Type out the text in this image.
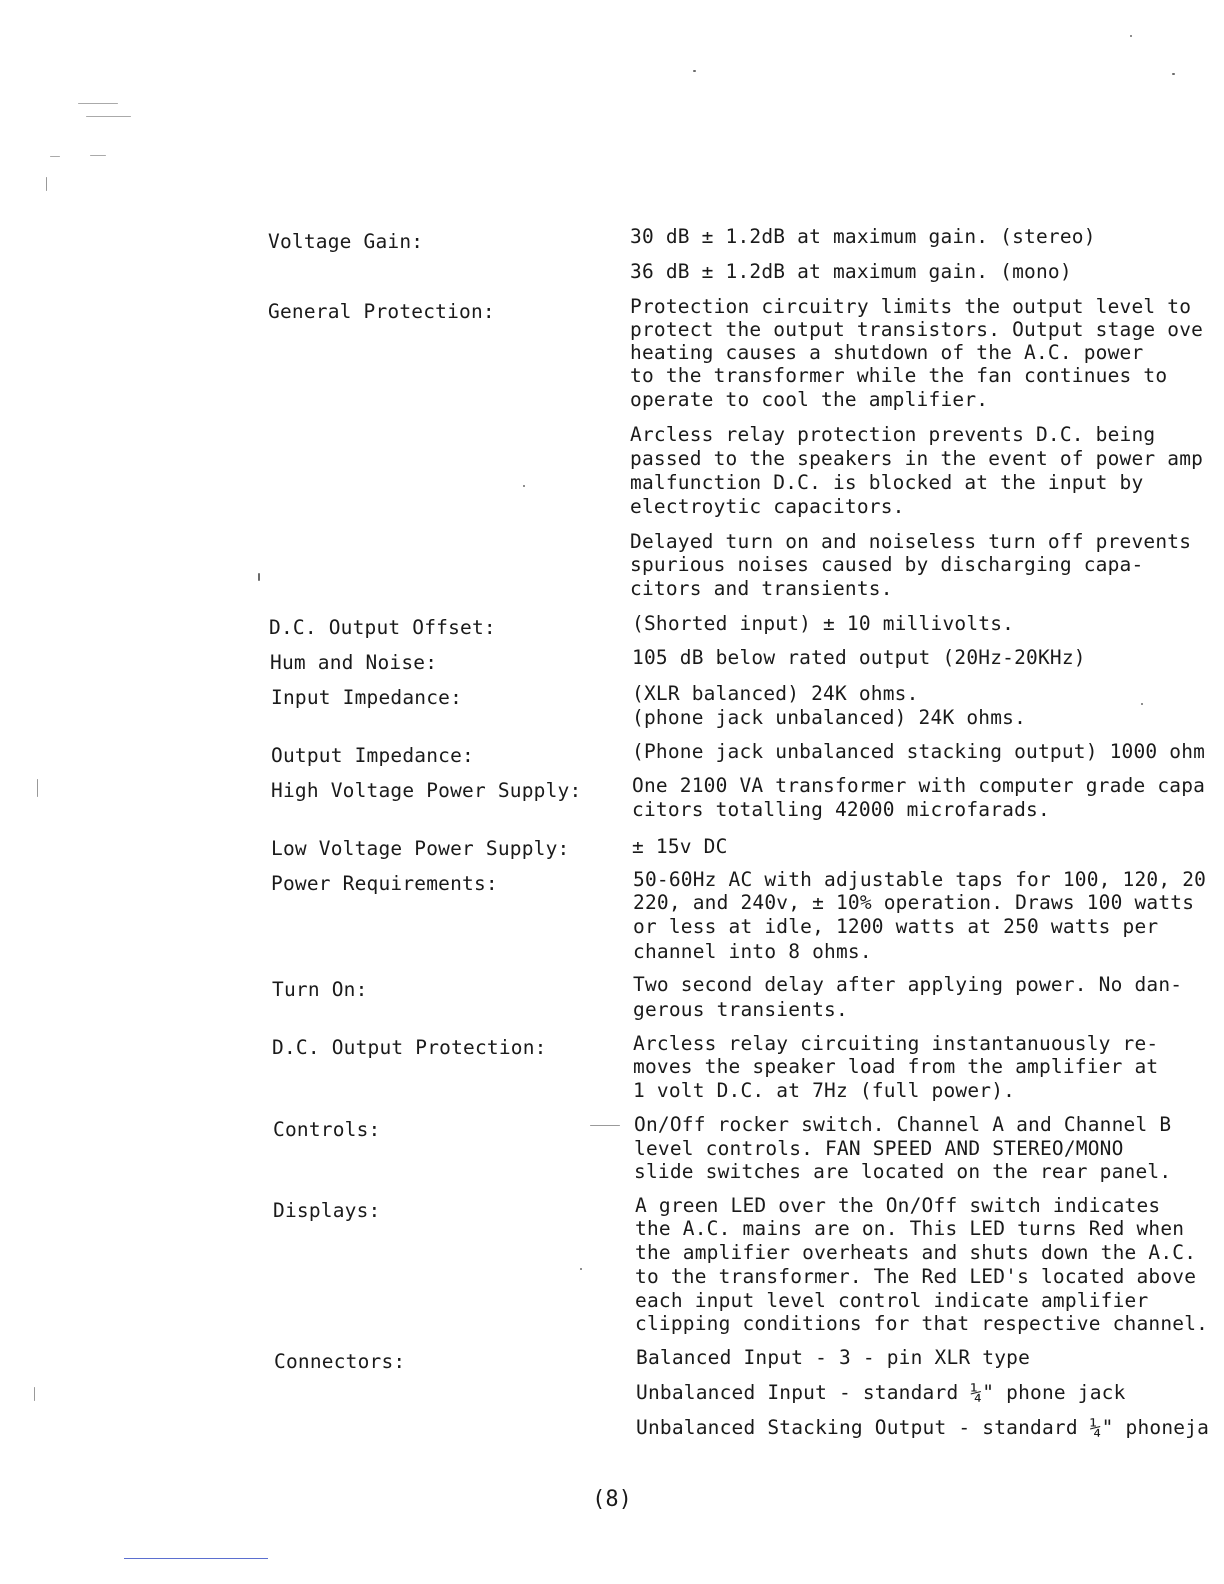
Voltage Gain:
General Protection:
D.C. Output Offset:
Hum and Noise:
Input Impedance:
Output Impedance:
High Voltage Power Supply:
Low Voltage Power Supply:
Power Requirements:
Turn On:
D.C. Output Protection:
Controls:
Displays:
Connectors:
30 dB ± 1.2dB at maximum gain. (stereo)
36 dB ± 1.2dB at maximum gain. (mono)
Protection circuitry limits the output level to
protect the output transistors. Output stage ove
heating causes a shutdown of the A.C. power
to the transformer while the fan continues to
operate to cool the amplifier.
Arcless relay protection prevents D.C. being
passed to the speakers in the event of power amp
malfunction D.C. is blocked at the input by
electroytic capacitors.
Delayed turn on and noiseless turn off prevents
spurious noises caused by discharging capa-
citors and transients.
(Shorted input) ± 10 millivolts.
105 dB below rated output (20Hz-20KHz)
(XLR balanced) 24K ohms.
(phone jack unbalanced) 24K ohms.
(Phone jack unbalanced stacking output) 1000 ohm
One 2100 VA transformer with computer grade capa
citors totalling 42000 microfarads.
± 15v DC
50-60Hz AC with adjustable taps for 100, 120, 20
220, and 240v, ± 10% operation. Draws 100 watts
or less at idle, 1200 watts at 250 watts per
channel into 8 ohms.
Two second delay after applying power. No dan-
gerous transients.
Arcless relay circuiting instantanuously re-
moves the speaker load from the amplifier at
1 volt D.C. at 7Hz (full power).
On/Off rocker switch. Channel A and Channel B
level controls. FAN SPEED AND STEREO/MONO
slide switches are located on the rear panel.
A green LED over the On/Off switch indicates
the A.C. mains are on. This LED turns Red when
the amplifier overheats and shuts down the A.C.
to the transformer. The Red LED's located above
each input level control indicate amplifier
clipping conditions for that respective channel.
Balanced Input - 3 - pin XLR type
Unbalanced Input - standard ¼" phone jack
Unbalanced Stacking Output - standard ¼" phoneja
(8)
